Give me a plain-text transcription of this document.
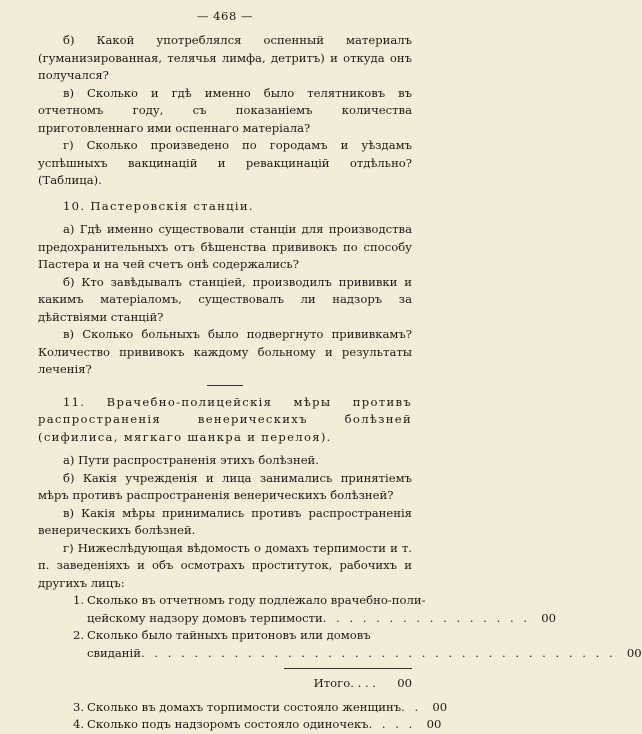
— 468 —

б) Какой употреблялся оспенный материалъ (гуманизированная, телячья лимфа, детритъ) и откуда онъ получался?

в) Сколько и гдѣ именно было телятниковъ въ отчетномъ году, съ показаніемъ количества приготовленнаго ими оспеннаго матеріала?

г) Сколько произведено по городамъ и уѣздамъ успѣшныхъ вакцинацій и ревакцинацій отдѣльно? (Таблица).

10. Пастеровскія станціи.

а) Гдѣ именно существовали станціи для производства предохранительныхъ отъ бѣшенства прививокъ по способу Пастера и на чей счетъ онѣ содержались?

б) Кто завѣдывалъ станціей, производилъ прививки и какимъ матеріаломъ, существовалъ ли надзоръ за дѣйствіями станцій?

в) Сколько больныхъ было подвергнуто прививкамъ? Количество прививокъ каждому больному и результаты леченія?

11. Врачебно-полицейскія мѣры противъ распространенія венерическихъ болѣзней (сифилиса, мягкаго шанкра и перелоя).

а) Пути распространенія этихъ болѣзней.

б) Какія учрежденія и лица занимались принятіемъ мѣръ противъ распространенія венерическихъ болѣзней?

в) Какія мѣры принимались противъ распространенія венерическихъ болѣзней.

г) Нижеслѣдующая вѣдомость о домахъ терпимости и т. п. заведеніяхъ и объ осмотрахъ проституток, рабочихъ и другихъ лицъ:

1. Сколько въ отчетномъ году подлежало врачебно-поли-
цейскому надзору домовъ терпимости . . . . . . . . . . . . . . . . 00
2. Сколько было тайныхъ притоновъ или домовъ
свиданій . . . . . . . . . . . . . . . . . . . . . . . . . . . . . . . . . . . . 00
Итого. . . .	00
3. Сколько въ домахъ торпимости состояло женщинъ . . 00
4. Сколько подъ надзоромъ состояло одиночекъ . . . . 00
